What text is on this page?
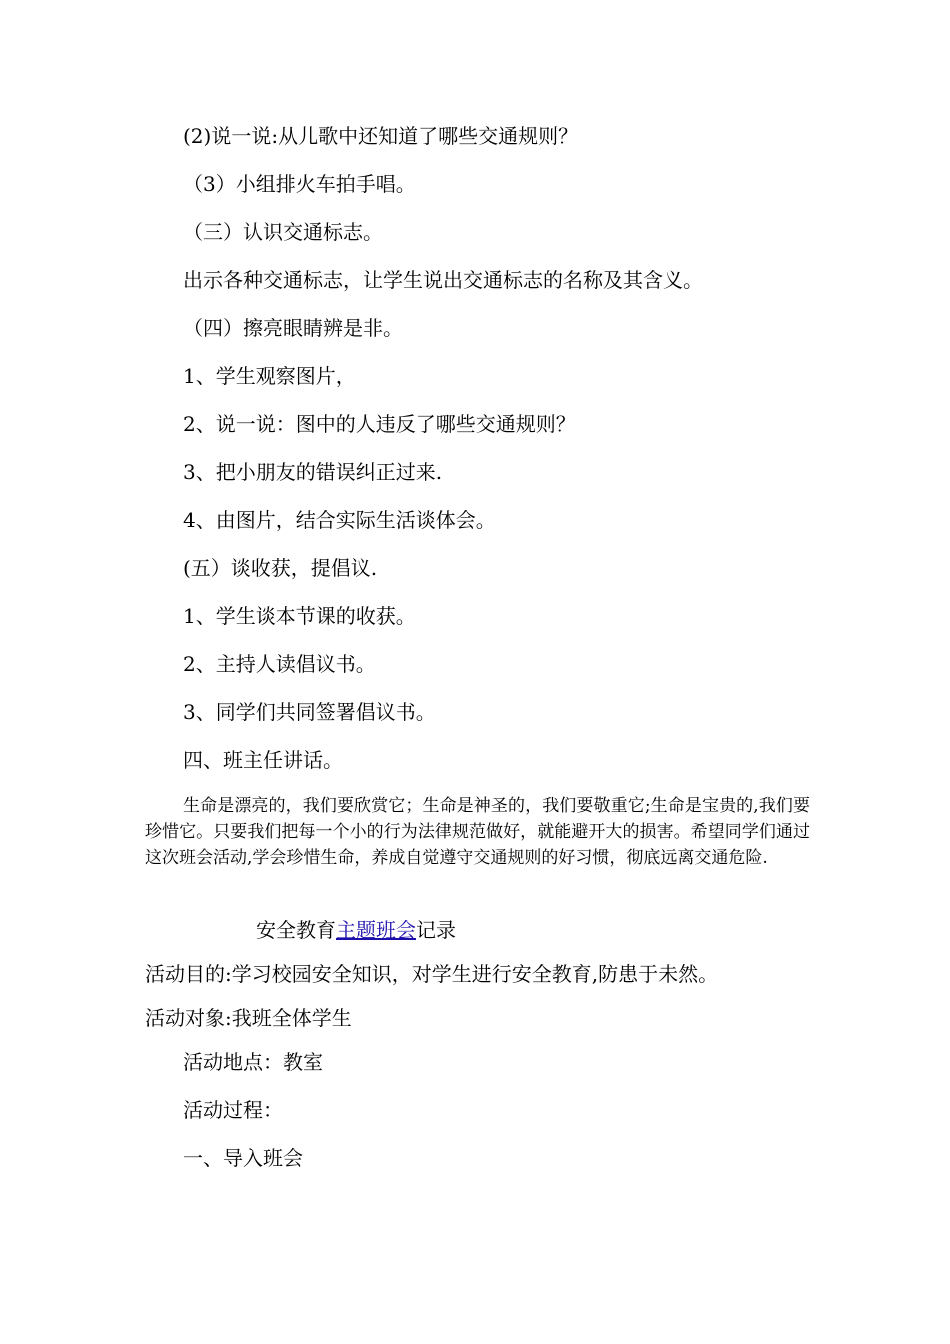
(2)说一说:从儿歌中还知道了哪些交通规则？
（3）小组排火车拍手唱。
（三）认识交通标志。
出示各种交通标志，让学生说出交通标志的名称及其含义。
（四）擦亮眼睛辨是非。
1、学生观察图片，
2、说一说：图中的人违反了哪些交通规则？
3、把小朋友的错误纠正过来.
4、由图片，结合实际生活谈体会。
(五）谈收获，提倡议.
1、学生谈本节课的收获。
2、主持人读倡议书。
3、同学们共同签署倡议书。
四、班主任讲话。
生命是漂亮的，我们要欣赏它；生命是神圣的，我们要敬重它;生命是宝贵的,我们要珍惜它。只要我们把每一个小的行为法律规范做好，就能避开大的损害。希望同学们通过这次班会活动,学会珍惜生命，养成自觉遵守交通规则的好习惯，彻底远离交通危险.
安全教育主题班会记录
活动目的:学习校园安全知识，对学生进行安全教育,防患于未然。
活动对象:我班全体学生
活动地点：教室
活动过程：
一、导入班会
